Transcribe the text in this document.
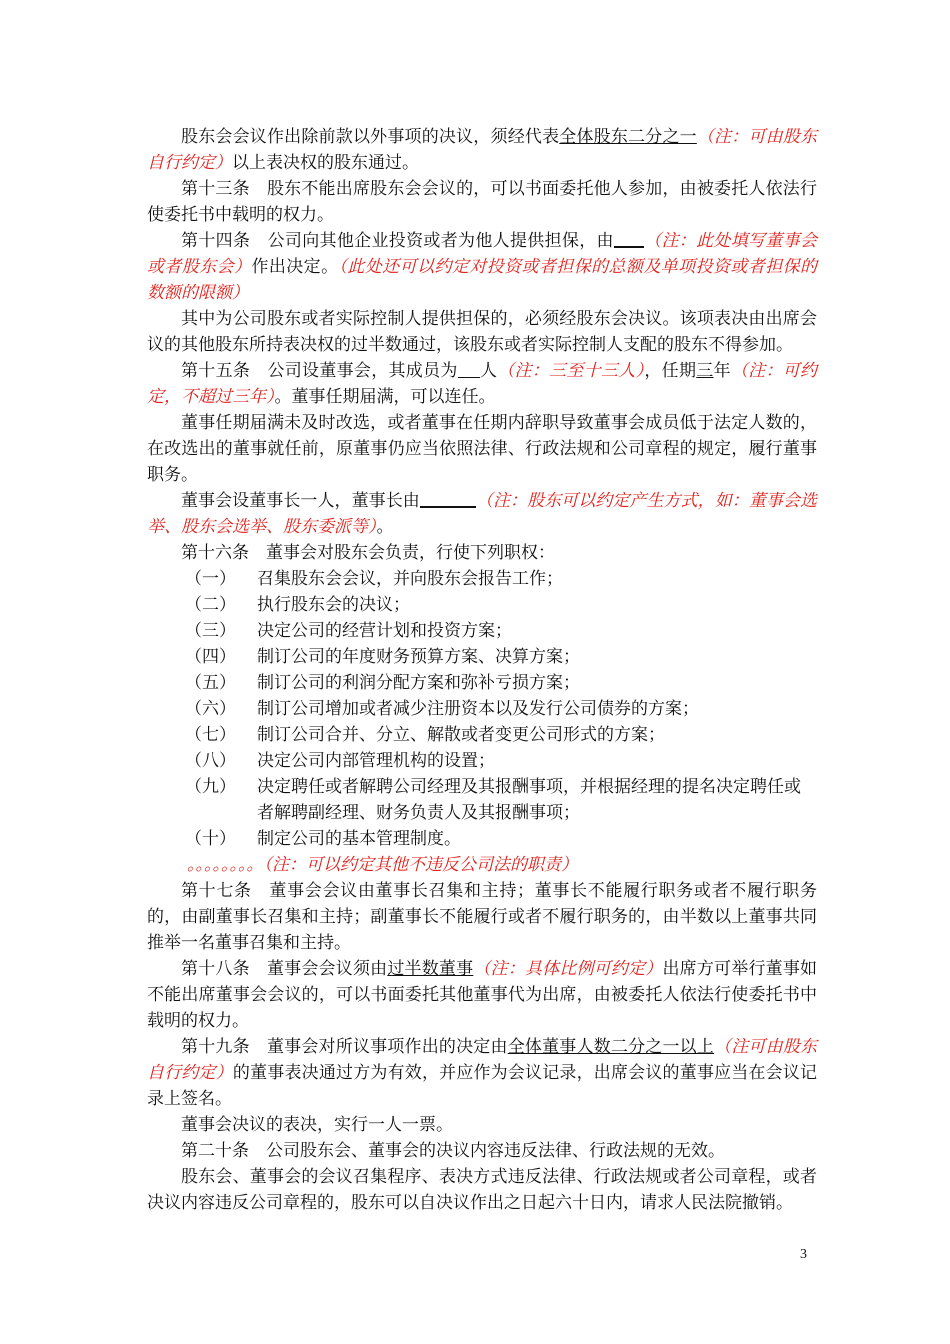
股东会会议作出除前款以外事项的决议，须经代表全体股东二分之一（注：可由股东自行约定）以上表决权的股东通过。

第十三条　股东不能出席股东会会议的，可以书面委托他人参加，由被委托人依法行使委托书中载明的权力。

第十四条　公司向其他企业投资或者为他人提供担保，由 （注：此处填写董事会或者股东会）作出决定。（此处还可以约定对投资或者担保的总额及单项投资或者担保的数额的限额）

其中为公司股东或者实际控制人提供担保的，必须经股东会决议。该项表决由出席会议的其他股东所持表决权的过半数通过，该股东或者实际控制人支配的股东不得参加。

第十五条　公司设董事会，其成员为 人（注：三至十三人），任期三年（注：可约定，不超过三年）。董事任期届满，可以连任。

董事任期届满未及时改选，或者董事在任期内辞职导致董事会成员低于法定人数的，在改选出的董事就任前，原董事仍应当依照法律、行政法规和公司章程的规定，履行董事职务。

董事会设董事长一人，董事长由	（注：股东可以约定产生方式，如：董事会选举、股东会选举、股东委派等）。

第十六条　董事会对股东会负责，行使下列职权：

（一）	召集股东会会议，并向股东会报告工作；
（二）	执行股东会的决议；
（三）	决定公司的经营计划和投资方案；
（四）	制订公司的年度财务预算方案、决算方案；
（五）	制订公司的利润分配方案和弥补亏损方案；
（六）	制订公司增加或者减少注册资本以及发行公司债券的方案；
（七）	制订公司合并、分立、解散或者变更公司形式的方案；
（八）	决定公司内部管理机构的设置；
（九）	决定聘任或者解聘公司经理及其报酬事项，并根据经理的提名决定聘任或者解聘副经理、财务负责人及其报酬事项；
（十）	制定公司的基本管理制度。

。。。。。。。。（注：可以约定其他不违反公司法的职责）

第十七条　董事会会议由董事长召集和主持；董事长不能履行职务或者不履行职务的，由副董事长召集和主持；副董事长不能履行或者不履行职务的，由半数以上董事共同推举一名董事召集和主持。

第十八条　董事会会议须由过半数董事（注：具体比例可约定）出席方可举行董事如不能出席董事会会议的，可以书面委托其他董事代为出席，由被委托人依法行使委托书中载明的权力。

第十九条　董事会对所议事项作出的决定由全体董事人数二分之一以上（注可由股东自行约定）的董事表决通过方为有效，并应作为会议记录，出席会议的董事应当在会议记录上签名。

董事会决议的表决，实行一人一票。

第二十条　公司股东会、董事会的决议内容违反法律、行政法规的无效。

股东会、董事会的会议召集程序、表决方式违反法律、行政法规或者公司章程，或者决议内容违反公司章程的，股东可以自决议作出之日起六十日内，请求人民法院撤销。

3
